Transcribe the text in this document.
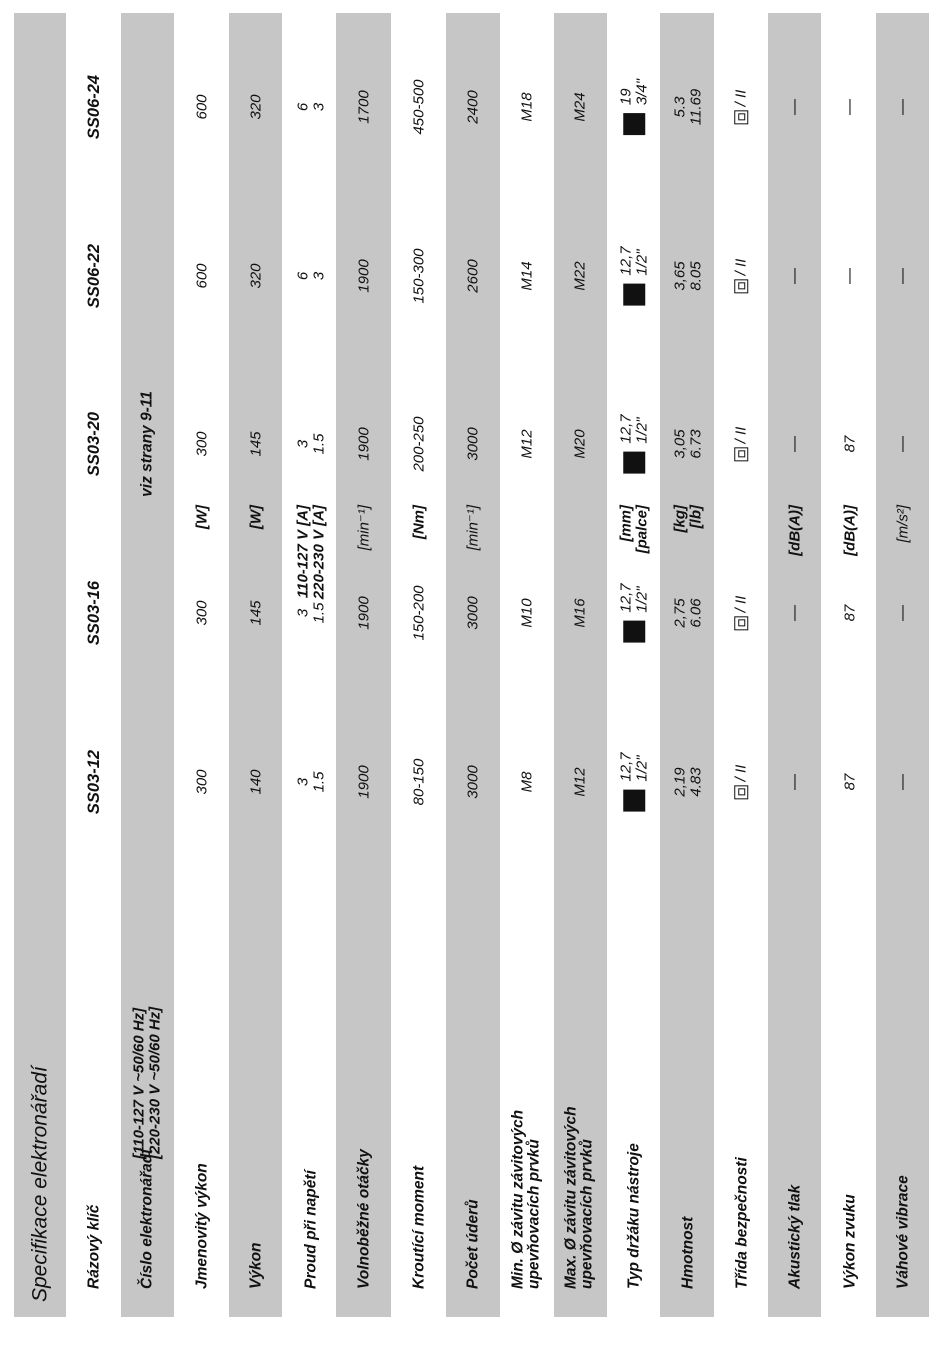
Specifikace elektronářadí Rázový klíč
SS03-12
SS03-16
SS03-20
SS06-22
SS06-24
Číslo elektronářadí
[110-127 V ~50/60 Hz]
[220-230 V ~50/60 Hz]
viz strany 9-11
Jmenovitý výkon
[W]
300
300
300
600
600
Výkon
[W]
140
145
145
320
320
Proud při napětí
110-127 V [A]
220-230 V [A]
3
1.5
3
1.5
3
1.5
6
3
6
3
Volnoběžné otáčky
[min⁻¹]
1900
1900
1900
1900
1700
Kroutící moment
[Nm]
80-150
150-200
200-250
150-300
450-500
Počet úderů
[min⁻¹]
3000
3000
3000
2600
2400
Min. Ø závitu závitových
upevňovacích prvků
M8
M10
M12
M14
M18
Max. Ø závitu závitových
upevňovacích prvků
M12
M16
M20
M22
M24
Typ držáku nástroje
[mm]
[palce]
12,7
1/2"
12,7
1/2"
12,7
1/2"
12,7
1/2"
19
3/4"
Hmotnost
[kg]
[lb]
2,19
4.83
2,75
6.06
3,05
6.73
3,65
8.05
5.3
11.69
Třída bezpečnosti
/ II
/ II
/ II
/ II
/ II
Akustický tlak
[dB(A)]
—
—
—
—
—
Výkon zvuku
[dB(A)]
87
87
87
—
—
Váhové vibrace
[m/s²]
—
—
—
—
—
